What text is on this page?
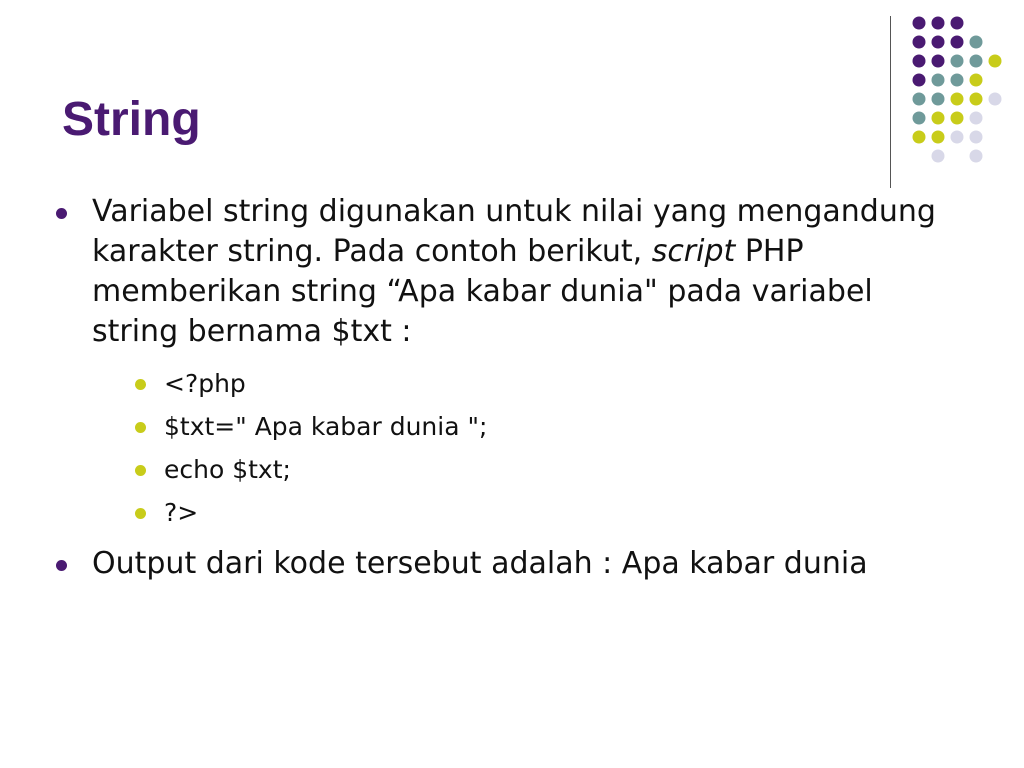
String
Variabel string digunakan untuk nilai yang mengandung karakter string. Pada contoh berikut, script PHP memberikan string “Apa kabar dunia" pada variabel string bernama $txt :
<?php
$txt=" Apa kabar dunia ";
echo $txt;
?>
Output dari kode tersebut adalah : Apa kabar dunia
